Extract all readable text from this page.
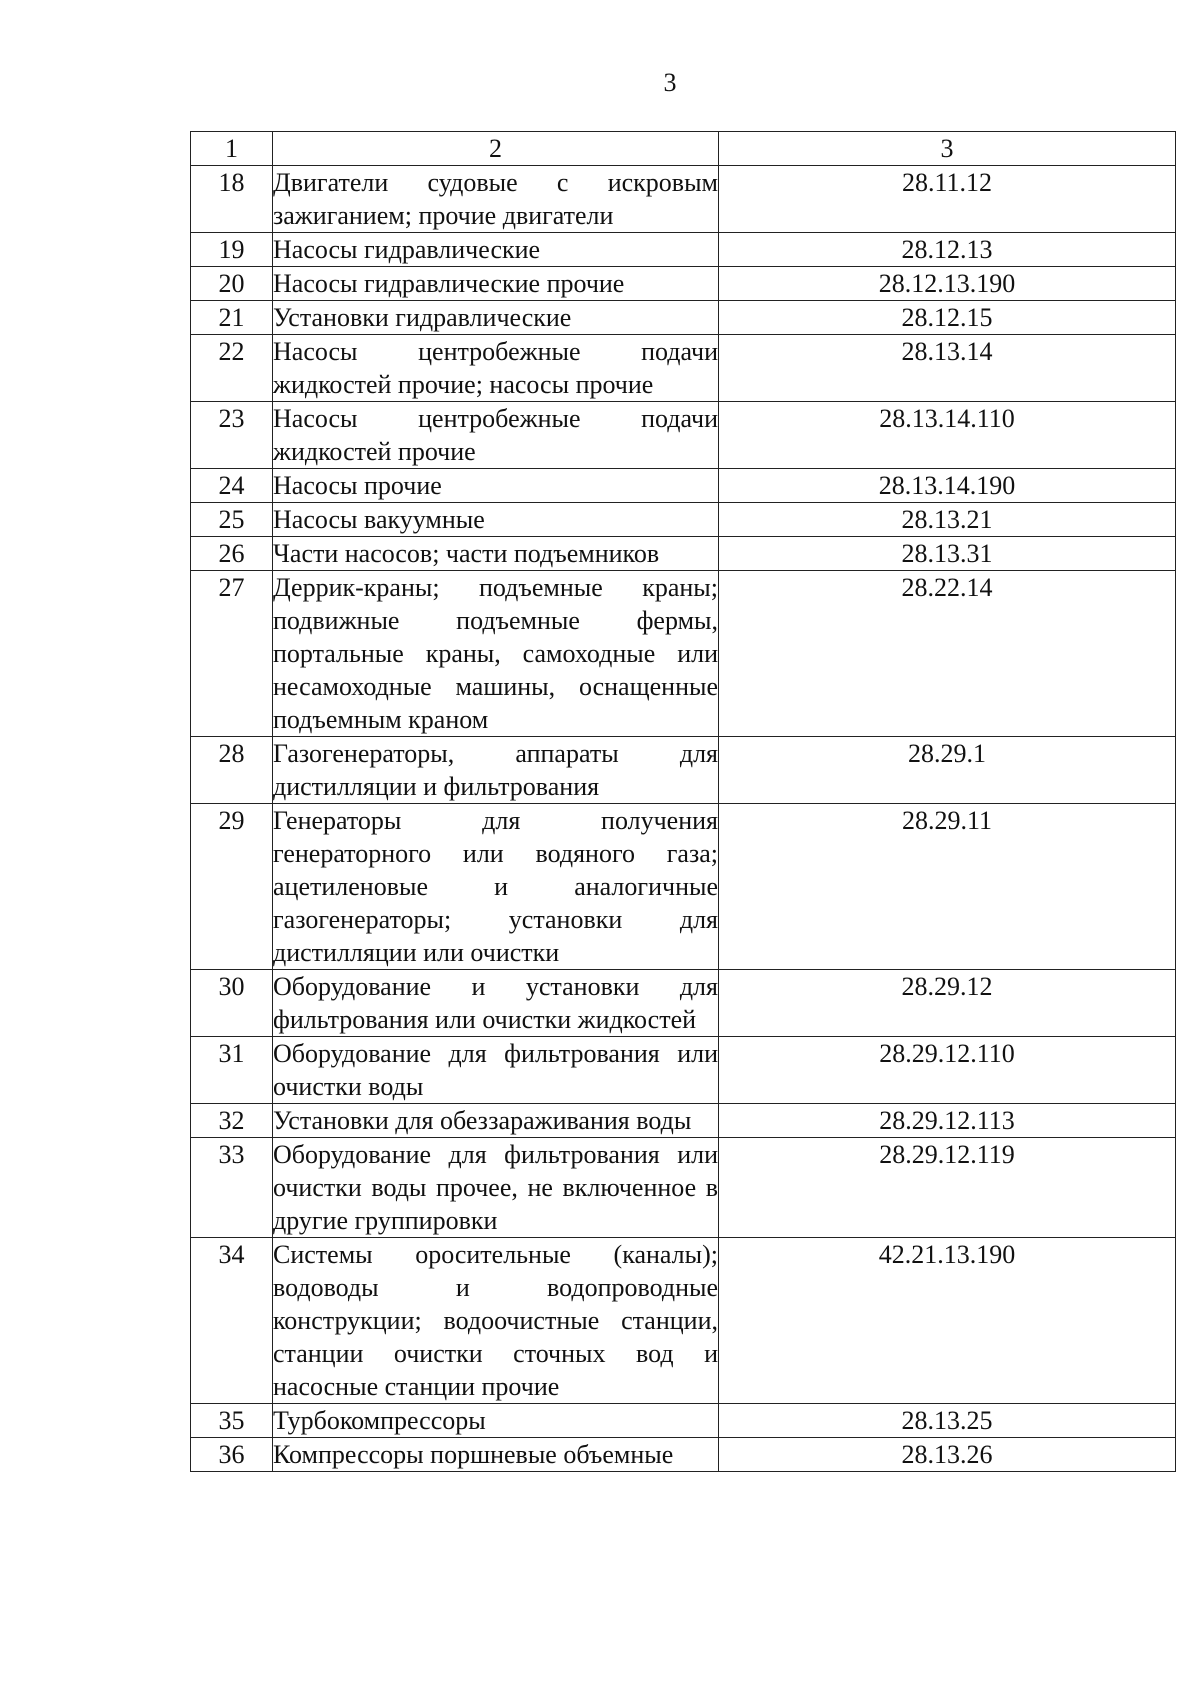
3
1	2	3
18	Двигатели судовые с искровым зажиганием; прочие двигатели	28.11.12
19	Насосы гидравлические	28.12.13
20	Насосы гидравлические прочие	28.12.13.190
21	Установки гидравлические	28.12.15
22	Насосы центробежные подачи жидкостей прочие; насосы прочие	28.13.14
23	Насосы центробежные подачи жидкостей прочие	28.13.14.110
24	Насосы прочие	28.13.14.190
25	Насосы вакуумные	28.13.21
26	Части насосов; части подъемников	28.13.31
27	Деррик-краны; подъемные краны; подвижные подъемные фермы, портальные краны, самоходные или несамоходные машины, оснащенные подъемным краном	28.22.14
28	Газогенераторы, аппараты для дистилляции и фильтрования	28.29.1
29	Генераторы для получения генераторного или водяного газа; ацетиленовые и аналогичные газогенераторы; установки для дистилляции или очистки	28.29.11
30	Оборудование и установки для фильтрования или очистки жидкостей	28.29.12
31	Оборудование для фильтрования или очистки воды	28.29.12.110
32	Установки для обеззараживания воды	28.29.12.113
33	Оборудование для фильтрования или очистки воды прочее, не включенное в другие группировки	28.29.12.119
34	Системы оросительные (каналы); водоводы и водопроводные конструкции; водоочистные станции, станции очистки сточных вод и насосные станции прочие	42.21.13.190
35	Турбокомпрессоры	28.13.25
36	Компрессоры поршневые объемные	28.13.26
